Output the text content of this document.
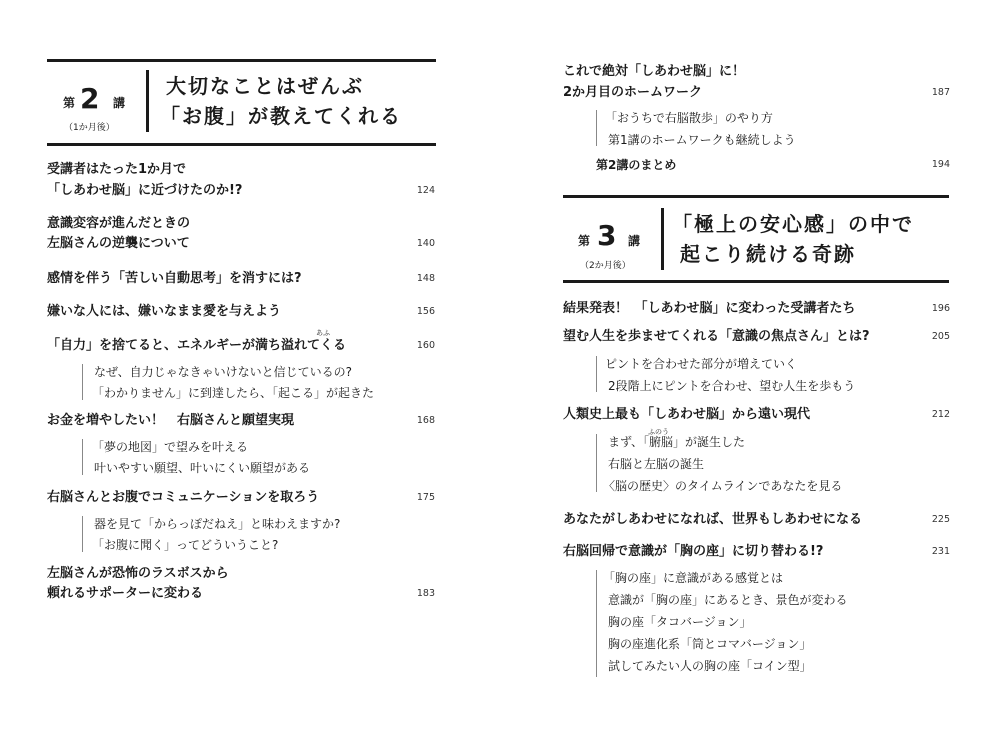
第 2 講
（1か月後）
大切なことはぜんぶ
「お腹」が教えてくれる
受講者はたった1か月で
「しあわせ脳」に近づけたのか!?	124
意識変容が進んだときの
左脳さんの逆襲について	140
感情を伴う「苦しい自動思考」を消すには?	148
嫌いな人には、嫌いなまま愛を与えよう	156
あふ
「自力」を捨てると、エネルギーが満ち溢れてくる	160
なぜ、自力じゃなきゃいけないと信じているの?
「わかりません」に到達したら、「起こる」が起きた
お金を増やしたい！　右脳さんと願望実現	168
「夢の地図」で望みを叶える
叶いやすい願望、叶いにくい願望がある
右脳さんとお腹でコミュニケーションを取ろう	175
器を見て「からっぽだねえ」と味わえますか?
「お腹に聞く」ってどういうこと?
左脳さんが恐怖のラスボスから
頼れるサポーターに変わる	183
これで絶対「しあわせ脳」に！
2か月目のホームワーク	187
「おうちで右脳散歩」のやり方
第1講のホームワークも継続しよう
第2講のまとめ	194
第 3 講
（2か月後）
「極上の安心感」の中で
起こり続ける奇跡
結果発表！　「しあわせ脳」に変わった受講者たち	196
望む人生を歩ませてくれる「意識の焦点さん」とは?	205
ピントを合わせた部分が増えていく
2段階上にピントを合わせ、望む人生を歩もう
人類史上最も「しあわせ脳」から遠い現代	212
ふのう
まず、「腑脳」が誕生した
右脳と左脳の誕生
〈脳の歴史〉のタイムラインであなたを見る
あなたがしあわせになれば、世界もしあわせになる	225
右脳回帰で意識が「胸の座」に切り替わる!?	231
「胸の座」に意識がある感覚とは
意識が「胸の座」にあるとき、景色が変わる
胸の座「タコバージョン」
胸の座進化系「筒とコマバージョン」
試してみたい人の胸の座「コイン型」
